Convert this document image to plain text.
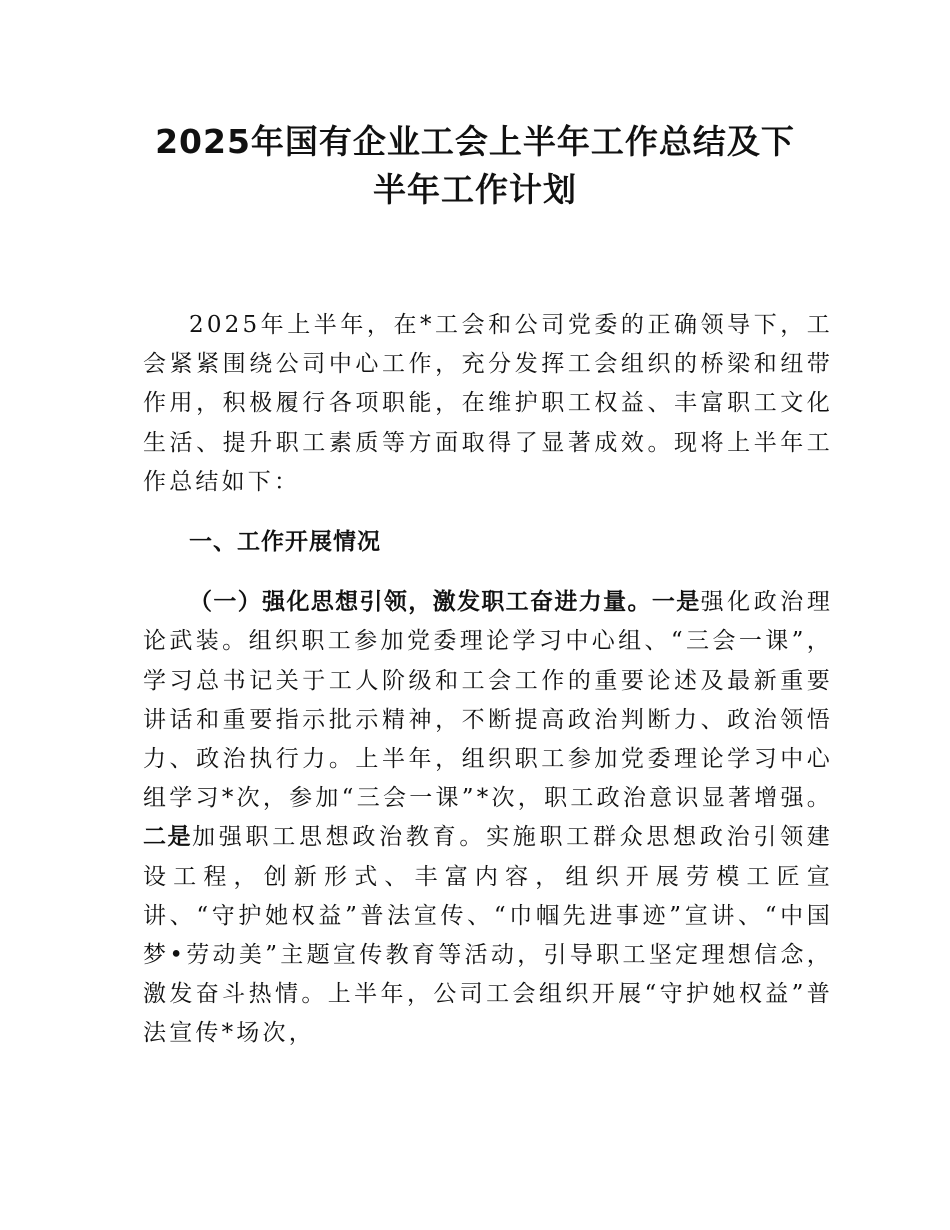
2025年国有企业工会上半年工作总结及下半年工作计划

2025年上半年，在*工会和公司党委的正确领导下，工会紧紧围绕公司中心工作，充分发挥工会组织的桥梁和纽带作用，积极履行各项职能，在维护职工权益、丰富职工文化生活、提升职工素质等方面取得了显著成效。现将上半年工作总结如下：

一、工作开展情况

（一）强化思想引领，激发职工奋进力量。一是强化政治理论武装。组织职工参加党委理论学习中心组、“三会一课”，学习总书记关于工人阶级和工会工作的重要论述及最新重要讲话和重要指示批示精神，不断提高政治判断力、政治领悟力、政治执行力。上半年，组织职工参加党委理论学习中心组学习*次，参加“三会一课”*次，职工政治意识显著增强。二是加强职工思想政治教育。实施职工群众思想政治引领建设工程，创新形式、丰富内容，组织开展劳模工匠宣讲、“守护她权益”普法宣传、“巾帼先进事迹”宣讲、“中国梦•劳动美”主题宣传教育等活动，引导职工坚定理想信念，激发奋斗热情。上半年，公司工会组织开展“守护她权益”普法宣传*场次，
